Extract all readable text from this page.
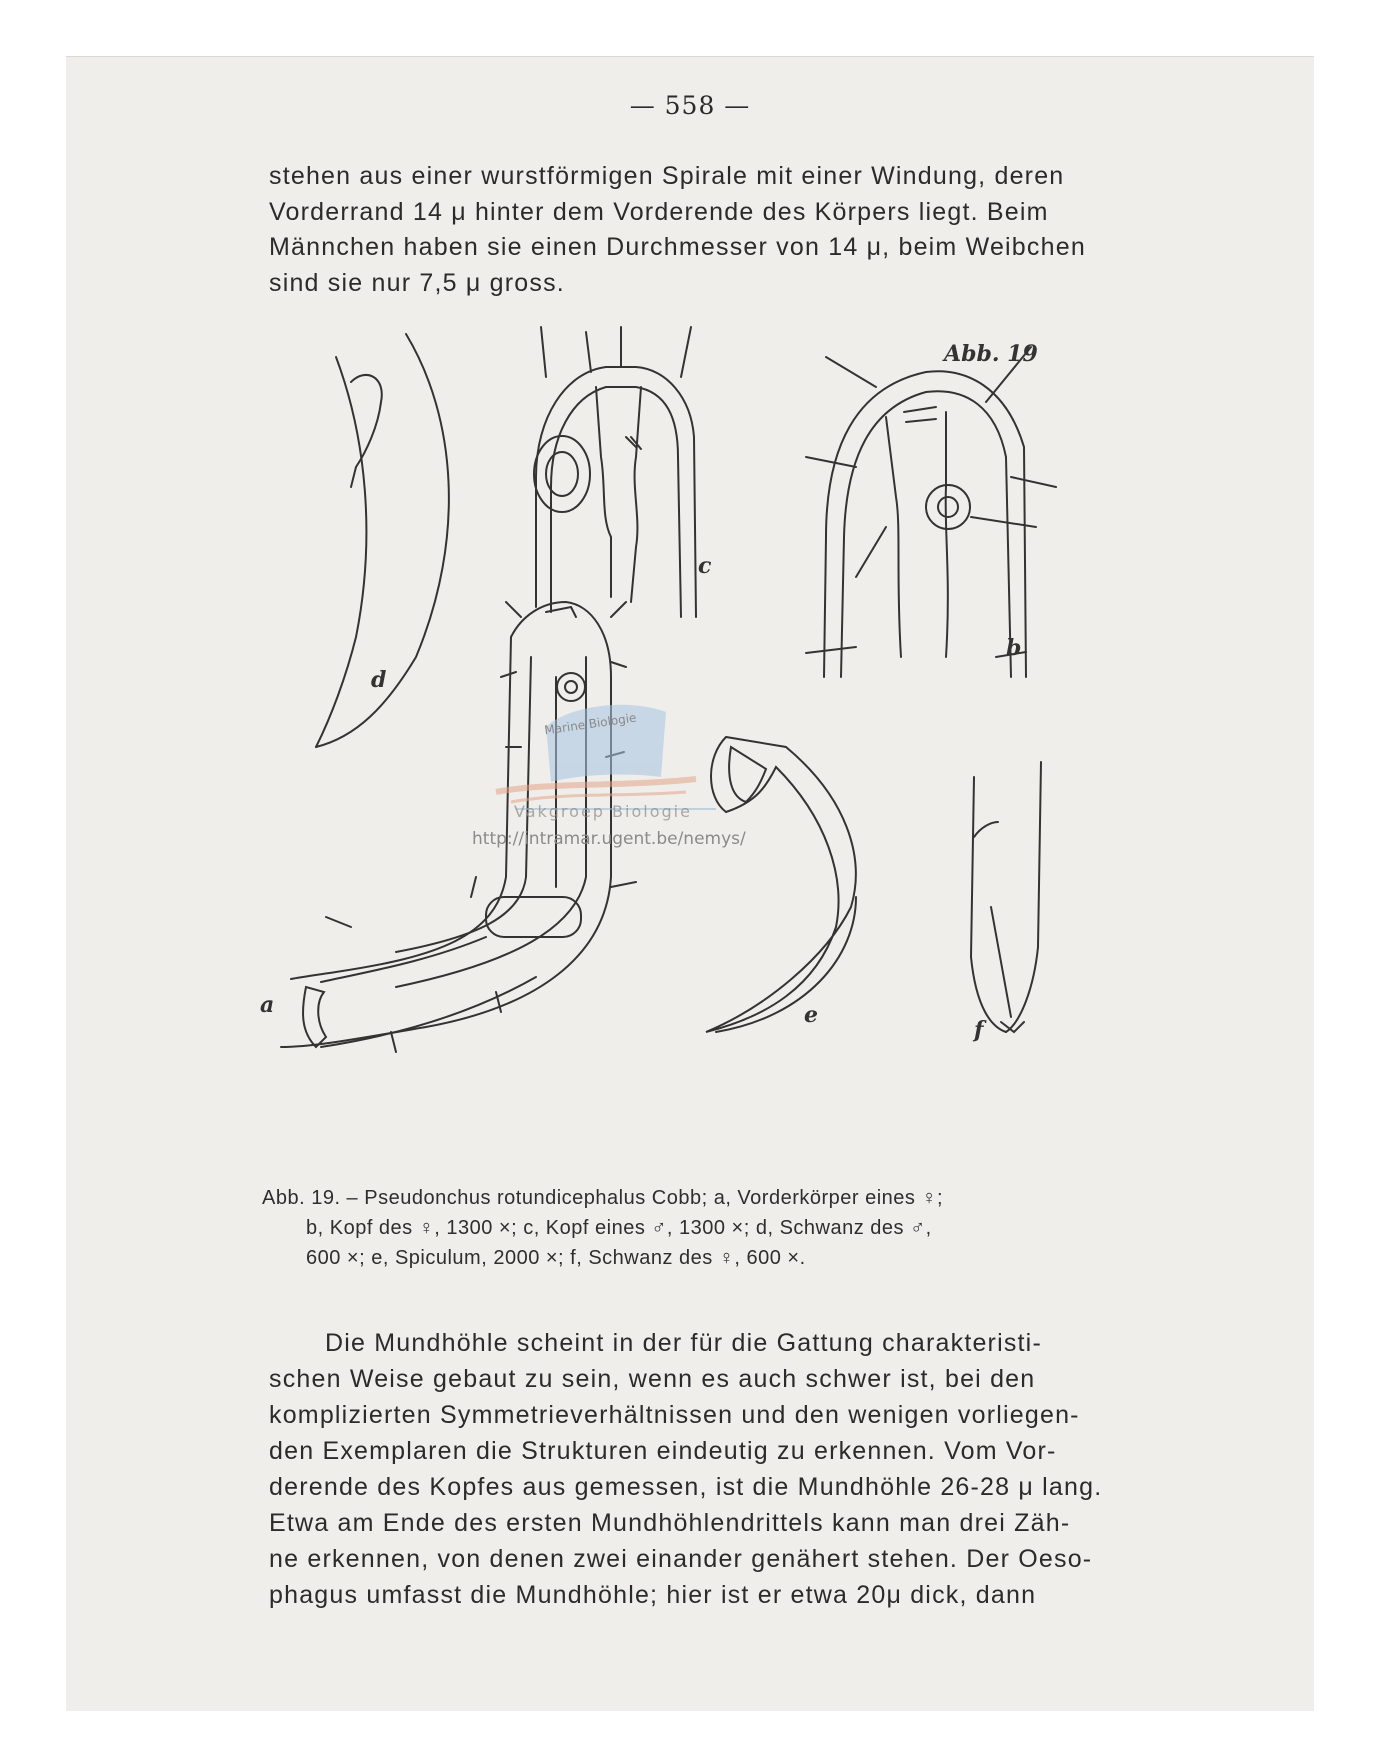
— 558 —
stehen aus einer wurstförmigen Spirale mit einer Windung, deren
Vorderrand 14 μ hinter dem Vorderende des Körpers liegt. Beim
Männchen haben sie einen Durchmesser von 14 μ, beim Weibchen
sind sie nur 7,5 μ gross.
Abb. 19
d
c
b
a	e
f
Marine Biologie
Vakgroep Biologie
http://intramar.ugent.be/nemys/
Abb. 19. – Pseudonchus rotundicephalus Cobb; a, Vorderkörper eines ♀;
b, Kopf des ♀, 1300 ×; c, Kopf eines ♂, 1300 ×; d, Schwanz des ♂,
600 ×; e, Spiculum, 2000 ×; f, Schwanz des ♀, 600 ×.
Die Mundhöhle scheint in der für die Gattung charakteristi-
schen Weise gebaut zu sein, wenn es auch schwer ist, bei den
komplizierten Symmetrieverhältnissen und den wenigen vorliegen-
den Exemplaren die Strukturen eindeutig zu erkennen. Vom Vor-
derende des Kopfes aus gemessen, ist die Mundhöhle 26-28 μ lang.
Etwa am Ende des ersten Mundhöhlendrittels kann man drei Zäh-
ne erkennen, von denen zwei einander genähert stehen. Der Oeso-
phagus umfasst die Mundhöhle; hier ist er etwa 20μ dick, dann
